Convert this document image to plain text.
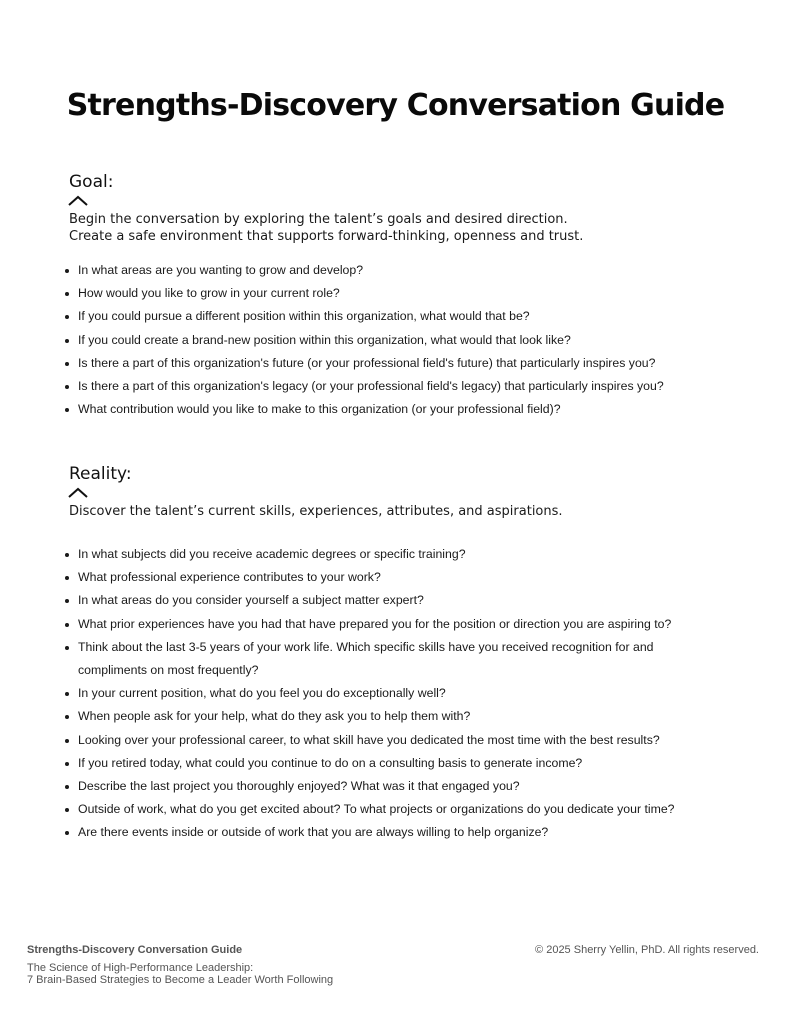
Strengths-Discovery Conversation Guide
Goal:

Begin the conversation by exploring the talent’s goals and desired direction.
Create a safe environment that supports forward-thinking, openness and trust.

In what areas are you wanting to grow and develop?
How would you like to grow in your current role?
If you could pursue a different position within this organization, what would that be?
If you could create a brand-new position within this organization, what would that look like?
Is there a part of this organization's future (or your professional field's future) that particularly inspires you?
Is there a part of this organization's legacy (or your professional field's legacy) that particularly inspires you?
What contribution would you like to make to this organization (or your professional field)?
Reality:

Discover the talent’s current skills, experiences, attributes, and aspirations.

In what subjects did you receive academic degrees or specific training?
What professional experience contributes to your work?
In what areas do you consider yourself a subject matter expert?
What prior experiences have you had that have prepared you for the position or direction you are aspiring to?
Think about the last 3-5 years of your work life. Which specific skills have you received recognition for and compliments on most frequently?
In your current position, what do you feel you do exceptionally well?
When people ask for your help, what do they ask you to help them with?
Looking over your professional career, to what skill have you dedicated the most time with the best results?
If you retired today, what could you continue to do on a consulting basis to generate income?
Describe the last project you thoroughly enjoyed? What was it that engaged you?
Outside of work, what do you get excited about? To what projects or organizations do you dedicate your time?
Are there events inside or outside of work that you are always willing to help organize?
Strengths-Discovery Conversation Guide
The Science of High-Performance Leadership:
7 Brain-Based Strategies to Become a Leader Worth Following
© 2025 Sherry Yellin, PhD. All rights reserved.
